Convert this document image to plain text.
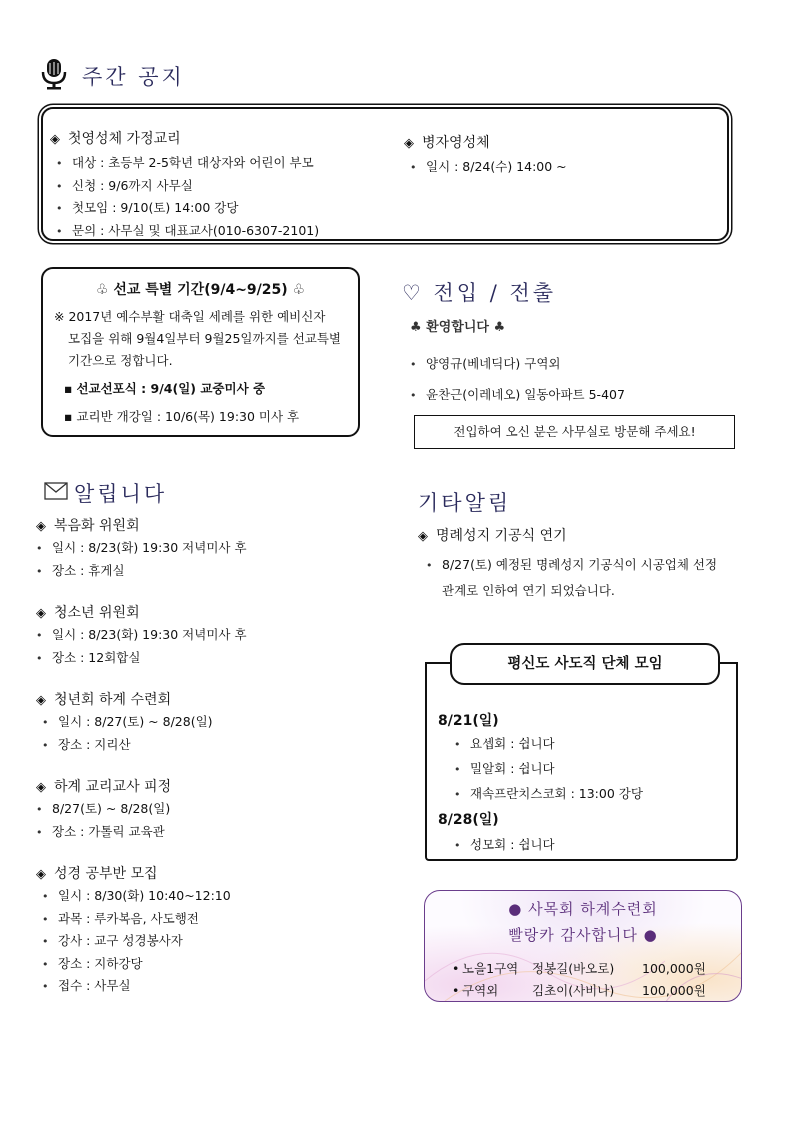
주간 공지
◈ 첫영성체 가정교리
• 대상 : 초등부 2-5학년 대상자와 어린이 부모
• 신청 : 9/6까지 사무실
• 첫모임 : 9/10(토) 14:00 강당
• 문의 : 사무실 및 대표교사(010-6307-2101)
◈ 병자영성체
• 일시 : 8/24(수) 14:00 ~
♧ 선교 특별 기간(9/4~9/25) ♧
※ 2017년 예수부활 대축일 세례를 위한 예비신자
모집을 위해 9월4일부터 9월25일까지를 선교특별
기간으로 정합니다.
▪ 선교선포식 : 9/4(일) 교중미사 중
▪ 교리반 개강일 : 10/6(목) 19:30 미사 후
♡ 전입 / 전출
♣ 환영합니다 ♣
• 양영규(베네딕다) 구역외
• 윤찬근(이레네오) 일동아파트 5-407
전입하여 오신 분은 사무실로 방문해 주세요!
알립니다
◈ 복음화 위원회
• 일시 : 8/23(화) 19:30 저녁미사 후
• 장소 : 휴게실
◈ 청소년 위원회
• 일시 : 8/23(화) 19:30 저녁미사 후
• 장소 : 12회합실
◈ 청년회 하계 수련회
• 일시 : 8/27(토) ~ 8/28(일)
• 장소 : 지리산
◈ 하계 교리교사 피정
• 8/27(토) ~ 8/28(일)
• 장소 : 가톨릭 교육관
◈ 성경 공부반 모집
• 일시 : 8/30(화) 10:40~12:10
• 과목 : 루카복음, 사도행전
• 강사 : 교구 성경봉사자
• 장소 : 지하강당
• 접수 : 사무실
기타알림
◈ 명례성지 기공식 연기
• 8/27(토) 예정된 명례성지 기공식이 시공업체 선정
관계로 인하여 연기 되었습니다.
평신도 사도직 단체 모임
8/21(일)
• 요셉회 : 쉽니다
• 밀알회 : 쉽니다
• 재속프란치스코회 : 13:00 강당
8/28(일)
• 성모회 : 쉽니다
● 사목회 하계수련회
빨랑카 감사합니다 ●
• 노을1구역	정봉길(바오로)	100,000원
• 구역외	김초이(사비나)	100,000원
